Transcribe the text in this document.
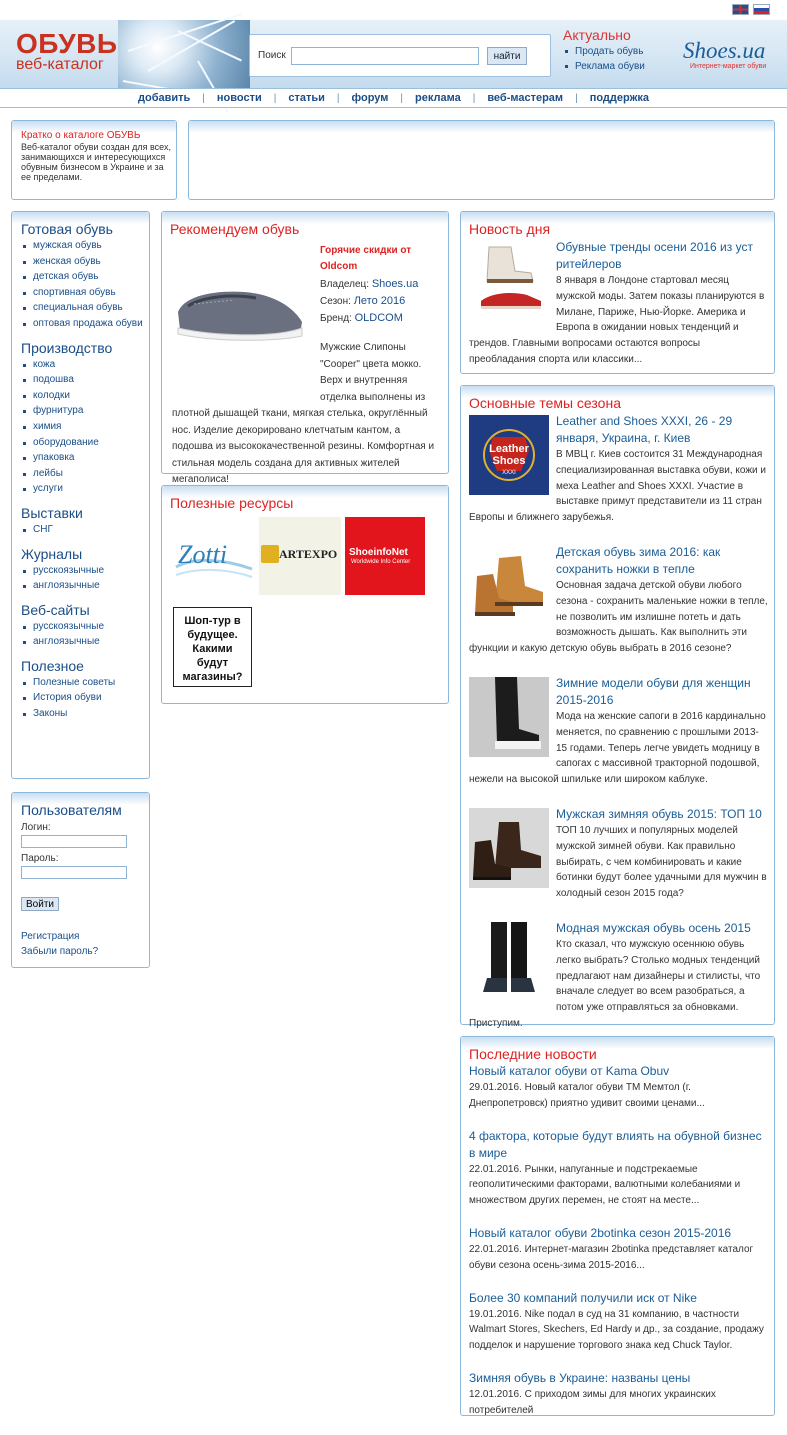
ОБУВЬ
веб-каталог
Поиск	найти
Актуально
Продать обувь
Реклама обуви
Shoes.ua
Интернет-маркет обуви
добавить	|	новости	|	статьи	|	форум	|	реклама	|	веб-мастерам	|	поддержка
Кратко о каталоге ОБУВЬ
Веб-каталог обуви создан для всех, занимающихся и интересующихся обувным бизнесом в Украине и за ее пределами.
Готовая обувь
мужская обувь
женская обувь
детская обувь
спортивная обувь
специальная обувь
оптовая продажа обуви
Производство
кожа
подошва
колодки
фурнитура
химия
оборудование
упаковка
лейбы
услуги
Выставки
СНГ
Журналы
русскоязычные
англоязычные
Веб-сайты
русскоязычные
англоязычные
Полезное
Полезные советы
История обуви
Законы
Пользователям
Логин:
Пароль:
Войти
Регистрация
Забыли пароль?
Рекомендуем обувь
Горячие скидки от Oldcom
Владелец: Shoes.ua
Сезон: Лето 2016
Бренд: OLDCOM
Мужские Слипоны "Cooper" цвета мокко. Верх и внутренняя отделка выполнены из плотной дышащей ткани, мягкая стелька, округлённый нос. Изделие декорировано клетчатым кантом, а подошва из высококачественной резины. Комфортная и стильная модель создана для активных жителей мегаполиса!
Полезные ресурсы
Zotti	ARTEXPO ShoeinfoNet
Worldwide Info Center
Шоп-тур в будущее. Какими будут магазины?
Новость дня
Обувные тренды осени 2016 из уст ритейлеров
8 января в Лондоне стартовал месяц мужской моды. Затем показы планируются в Милане, Париже, Нью-Йорке. Америка и Европа в ожидании новых тенденций и трендов. Главными вопросами остаются вопросы преобладания спорта или классики...
Основные темы сезона
Leather
Shoes
XXXI
Leather and Shoes XXXI, 26 - 29 января, Украина, г. Киев
В МВЦ г. Киев состоится 31 Международная специализированная выставка обуви, кожи и меха Leather and Shoes XXXI. Участие в выставке примут представители из 11 стран Европы и ближнего зарубежья.
Детская обувь зима 2016: как сохранить ножки в тепле
Основная задача детской обуви любого сезона - сохранить маленькие ножки в тепле, не позволить им излишне потеть и дать возможность дышать. Как выполнить эти функции и какую детскую обувь выбрать в 2016 сезоне?
Зимние модели обуви для женщин 2015-2016
Мода на женские сапоги в 2016 кардинально меняется, по сравнению с прошлыми 2013-15 годами. Теперь легче увидеть модницу в сапогах с массивной тракторной подошвой, нежели на высокой шпильке или широком каблуке.
Мужская зимняя обувь 2015: ТОП 10
ТОП 10 лучших и популярных моделей мужской зимней обуви. Как правильно выбирать, с чем комбинировать и какие ботинки будут более удачными для мужчин в холодный сезон 2015 года?
Модная мужская обувь осень 2015
Кто сказал, что мужскую осеннюю обувь легко выбрать? Столько модных тенденций предлагают нам дизайнеры и стилисты, что вначале следует во всем разобраться, а потом уже отправляться за обновками. Приступим.
Последние новости
Новый каталог обуви от Kama Obuv
29.01.2016. Новый каталог обуви ТМ Мемтол (г. Днепропетровск) приятно удивит своими ценами...
4 фактора, которые будут влиять на обувной бизнес в мире
22.01.2016. Рынки, напуганные и подстрекаемые геополитическими факторами, валютными колебаниями и множеством других перемен, не стоят на месте...
Новый каталог обуви 2botinka сезон 2015-2016
22.01.2016. Интернет-магазин 2botinka представляет каталог обуви сезона осень-зима 2015-2016...
Более 30 компаний получили иск от Nike
19.01.2016. Nike подал в суд на 31 компанию, в частности Walmart Stores, Skechers, Ed Hardy и др., за создание, продажу подделок и нарушение торгового знака кед Chuck Taylor.
Зимняя обувь в Украине: названы цены
12.01.2016. С приходом зимы для многих украинских потребителей
